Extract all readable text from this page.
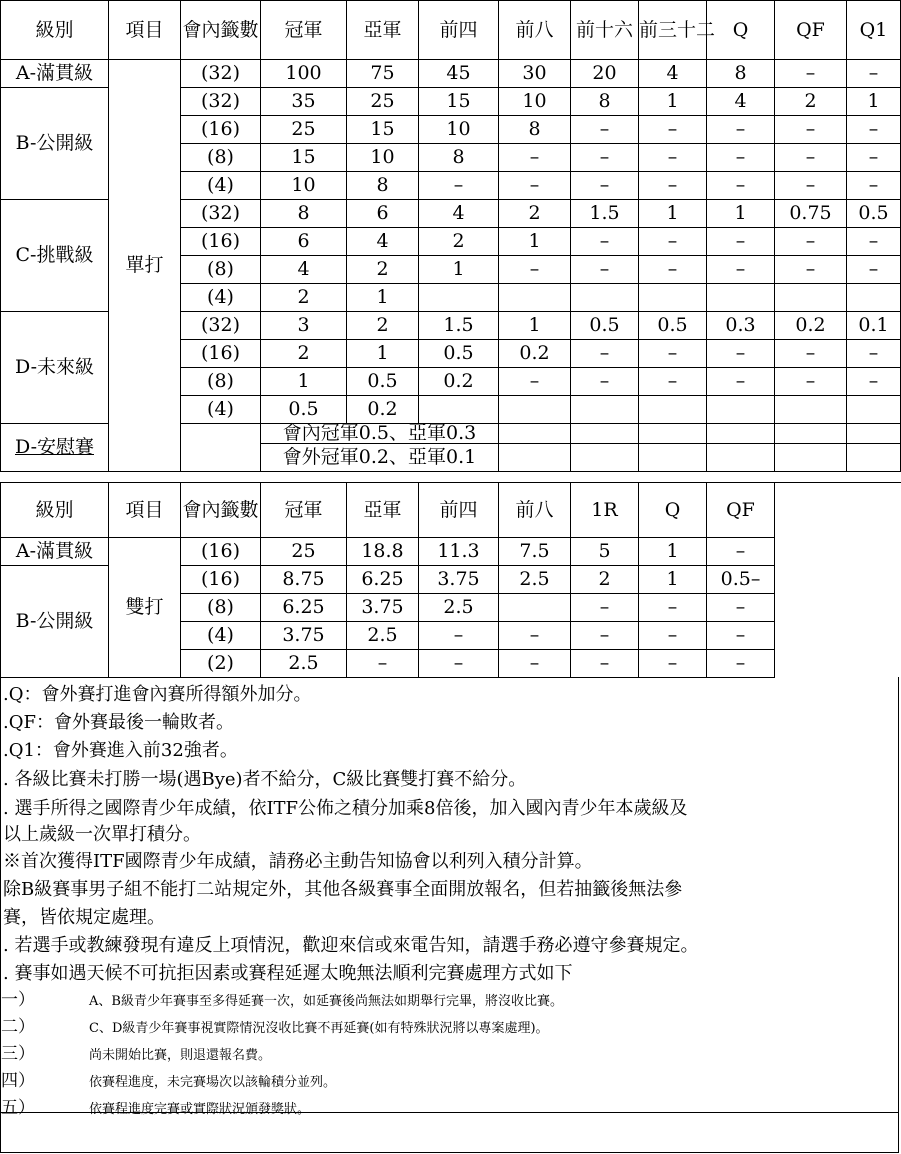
級別	項目	會內籤數	冠軍	亞軍	前四	前八	前十六	前三十二	Q	QF	Q1
A-滿貫級	單打	(32)	100	75	45	30	20	4	8	–	–
B-公開級		(32)	35	25	15	10	8	1	4	2	1
		(16)	25	15	10	8	–	–	–	–	–
		(8)	15	10	8	–	–	–	–	–	–
		(4)	10	8	–	–	–	–	–	–	–
C-挑戰級		(32)	8	6	4	2	1.5	1	1	0.75	0.5
		(16)	6	4	2	1	–	–	–	–	–
		(8)	4	2	1	–	–	–	–	–	–
		(4)	2	1							
D-未來級		(32)	3	2	1.5	1	0.5	0.5	0.3	0.2	0.1
		(16)	2	1	0.5	0.2	–	–	–	–	–
		(8)	1	0.5	0.2	–	–	–	–	–	–
		(4)	0.5	0.2							
D-安慰賽			會內冠軍0.5、亞軍0.3								
			會外冠軍0.2、亞軍0.1								
級別	項目	會內籤數	冠軍	亞軍	前四	前八	1R	Q	QF	
A-滿貫級	雙打	(16)	25	18.8	11.3	7.5	5	1	–	
B-公開級		(16)	8.75	6.25	3.75	2.5	2	1	0.5–	
		(8)	6.25	3.75	2.5		–	–	–	
		(4)	3.75	2.5	–	–	–	–	–	
		(2)	2.5	–	–	–	–	–	–	
.Q：會外賽打進會內賽所得額外加分。
.QF：會外賽最後一輪敗者。
.Q1：會外賽進入前32強者。
. 各級比賽未打勝一場(遇Bye)者不給分，C級比賽雙打賽不給分。
. 選手所得之國際青少年成績，依ITF公佈之積分加乘8倍後，加入國內青少年本歲級及
以上歲級一次單打積分。
※首次獲得ITF國際青少年成績，請務必主動告知協會以利列入積分計算。
除B級賽事男子組不能打二站規定外，其他各級賽事全面開放報名，但若抽籤後無法參
賽，皆依規定處理。
. 若選手或教練發現有違反上項情況，歡迎來信或來電告知，請選手務必遵守參賽規定。
. 賽事如遇天候不可抗拒因素或賽程延遲太晚無法順利完賽處理方式如下
一）	A、B級青少年賽事至多得延賽一次，如延賽後尚無法如期舉行完畢，將沒收比賽。
二）	C、D級青少年賽事視實際情況沒收比賽不再延賽(如有特殊狀況將以專案處理)。
三）	尚未開始比賽，則退還報名費。
四）	依賽程進度，未完賽場次以該輪積分並列。
五）	依賽程進度完賽或實際狀況頒發獎狀。
